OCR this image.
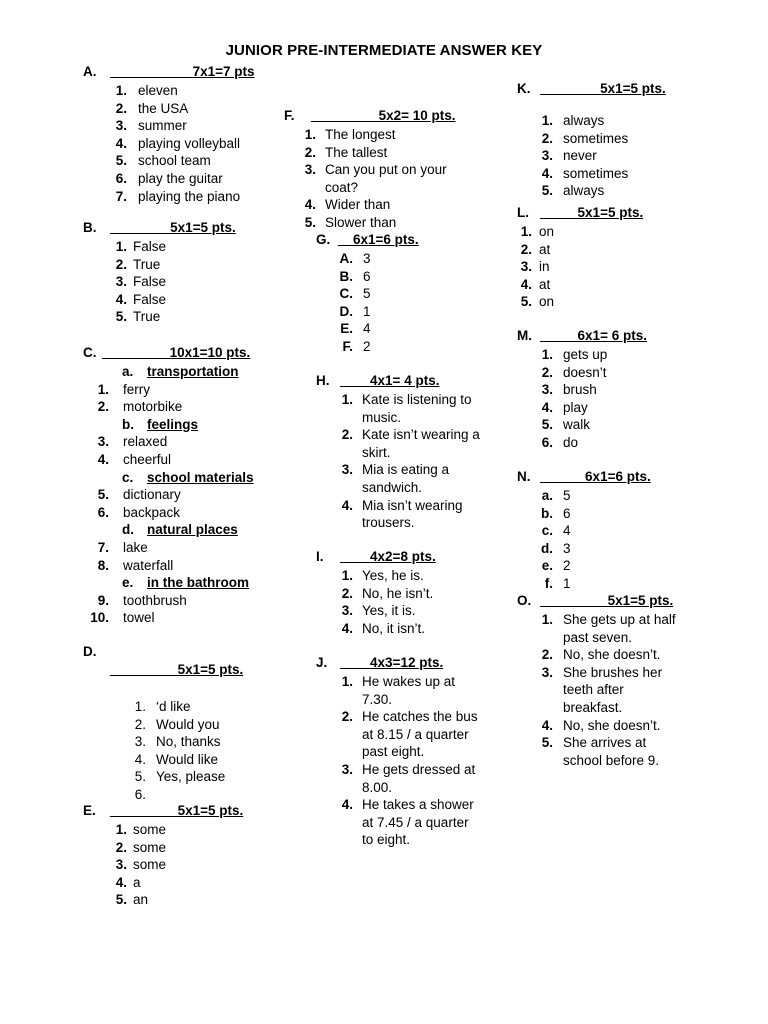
JUNIOR PRE-INTERMEDIATE ANSWER KEY
A. ___________7x1=7 pts
1. eleven
2. the USA
3. summer
4. playing volleyball
5. school team
6. play the guitar
7. playing the piano
B. ________5x1=5 pts.
1. False
2. True
3. False
4. False
5. True
C. _________10x1=10 pts.
a. transportation
1. ferry
2. motorbike
b. feelings
3. relaxed
4. cheerful
c. school materials
5. dictionary
6. backpack
d. natural places
7. lake
8. waterfall
e. in the bathroom
9. toothbrush
10. towel
D.
_________5x1=5 pts.
1. ‘d like
2. Would you
3. No, thanks
4. Would like
5. Yes, please
6.
E. _________5x1=5 pts.
1. some
2. some
3. some
4. a
5. an
F. _________5x2= 10 pts.
1. The longest
2. The tallest
3. Can you put on your coat?
4. Wider than
5. Slower than
G. __6x1=6 pts.
A. 3
B. 6
C. 5
D. 1
E. 4
F. 2
H. ____4x1= 4 pts.
1. Kate is listening to music.
2. Kate isn’t wearing a skirt.
3. Mia is eating a sandwich.
4. Mia isn’t wearing trousers.
I. ____4x2=8 pts.
1. Yes, he is.
2. No, he isn’t.
3. Yes, it is.
4. No, it isn’t.
J. ____4x3=12 pts.
1. He wakes up at 7.30.
2. He catches the bus at 8.15 / a quarter past eight.
3. He gets dressed at 8.00.
4. He takes a shower at 7.45 / a quarter to eight.
K. ________5x1=5 pts.
1. always
2. sometimes
3. never
4. sometimes
5. always
L. _____5x1=5 pts.
1. on
2. at
3. in
4. at
5. on
M. _____6x1= 6 pts.
1. gets up
2. doesn’t
3. brush
4. play
5. walk
6. do
N. ______6x1=6 pts.
a. 5
b. 6
c. 4
d. 3
e. 2
f. 1
O. _________5x1=5 pts.
1. She gets up at half past seven.
2. No, she doesn’t.
3. She brushes her teeth after breakfast.
4. No, she doesn’t.
5. She arrives at school before 9.
